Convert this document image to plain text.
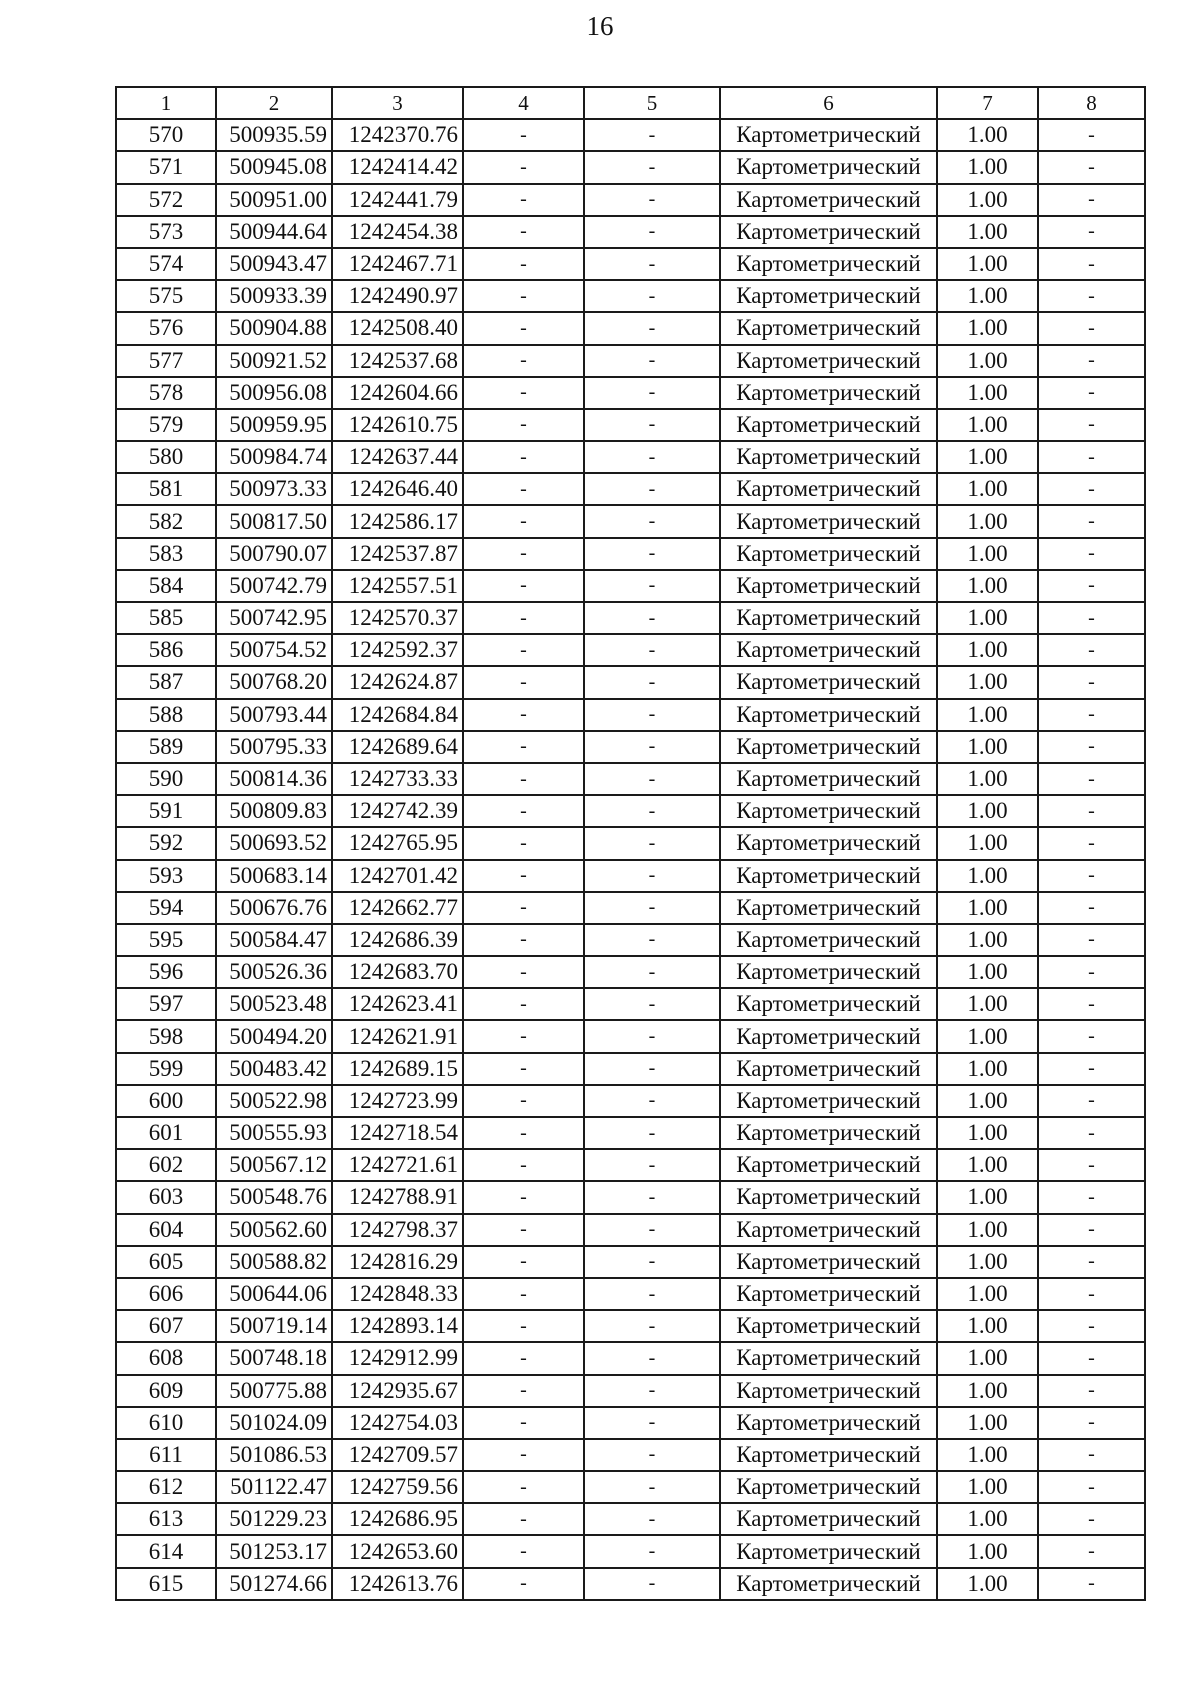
16
1	2	3	4	5	6	7	8
570	500935.59	1242370.76	-	-	Картометрический	1.00	-
571	500945.08	1242414.42	-	-	Картометрический	1.00	-
572	500951.00	1242441.79	-	-	Картометрический	1.00	-
573	500944.64	1242454.38	-	-	Картометрический	1.00	-
574	500943.47	1242467.71	-	-	Картометрический	1.00	-
575	500933.39	1242490.97	-	-	Картометрический	1.00	-
576	500904.88	1242508.40	-	-	Картометрический	1.00	-
577	500921.52	1242537.68	-	-	Картометрический	1.00	-
578	500956.08	1242604.66	-	-	Картометрический	1.00	-
579	500959.95	1242610.75	-	-	Картометрический	1.00	-
580	500984.74	1242637.44	-	-	Картометрический	1.00	-
581	500973.33	1242646.40	-	-	Картометрический	1.00	-
582	500817.50	1242586.17	-	-	Картометрический	1.00	-
583	500790.07	1242537.87	-	-	Картометрический	1.00	-
584	500742.79	1242557.51	-	-	Картометрический	1.00	-
585	500742.95	1242570.37	-	-	Картометрический	1.00	-
586	500754.52	1242592.37	-	-	Картометрический	1.00	-
587	500768.20	1242624.87	-	-	Картометрический	1.00	-
588	500793.44	1242684.84	-	-	Картометрический	1.00	-
589	500795.33	1242689.64	-	-	Картометрический	1.00	-
590	500814.36	1242733.33	-	-	Картометрический	1.00	-
591	500809.83	1242742.39	-	-	Картометрический	1.00	-
592	500693.52	1242765.95	-	-	Картометрический	1.00	-
593	500683.14	1242701.42	-	-	Картометрический	1.00	-
594	500676.76	1242662.77	-	-	Картометрический	1.00	-
595	500584.47	1242686.39	-	-	Картометрический	1.00	-
596	500526.36	1242683.70	-	-	Картометрический	1.00	-
597	500523.48	1242623.41	-	-	Картометрический	1.00	-
598	500494.20	1242621.91	-	-	Картометрический	1.00	-
599	500483.42	1242689.15	-	-	Картометрический	1.00	-
600	500522.98	1242723.99	-	-	Картометрический	1.00	-
601	500555.93	1242718.54	-	-	Картометрический	1.00	-
602	500567.12	1242721.61	-	-	Картометрический	1.00	-
603	500548.76	1242788.91	-	-	Картометрический	1.00	-
604	500562.60	1242798.37	-	-	Картометрический	1.00	-
605	500588.82	1242816.29	-	-	Картометрический	1.00	-
606	500644.06	1242848.33	-	-	Картометрический	1.00	-
607	500719.14	1242893.14	-	-	Картометрический	1.00	-
608	500748.18	1242912.99	-	-	Картометрический	1.00	-
609	500775.88	1242935.67	-	-	Картометрический	1.00	-
610	501024.09	1242754.03	-	-	Картометрический	1.00	-
611	501086.53	1242709.57	-	-	Картометрический	1.00	-
612	501122.47	1242759.56	-	-	Картометрический	1.00	-
613	501229.23	1242686.95	-	-	Картометрический	1.00	-
614	501253.17	1242653.60	-	-	Картометрический	1.00	-
615	501274.66	1242613.76	-	-	Картометрический	1.00	-
